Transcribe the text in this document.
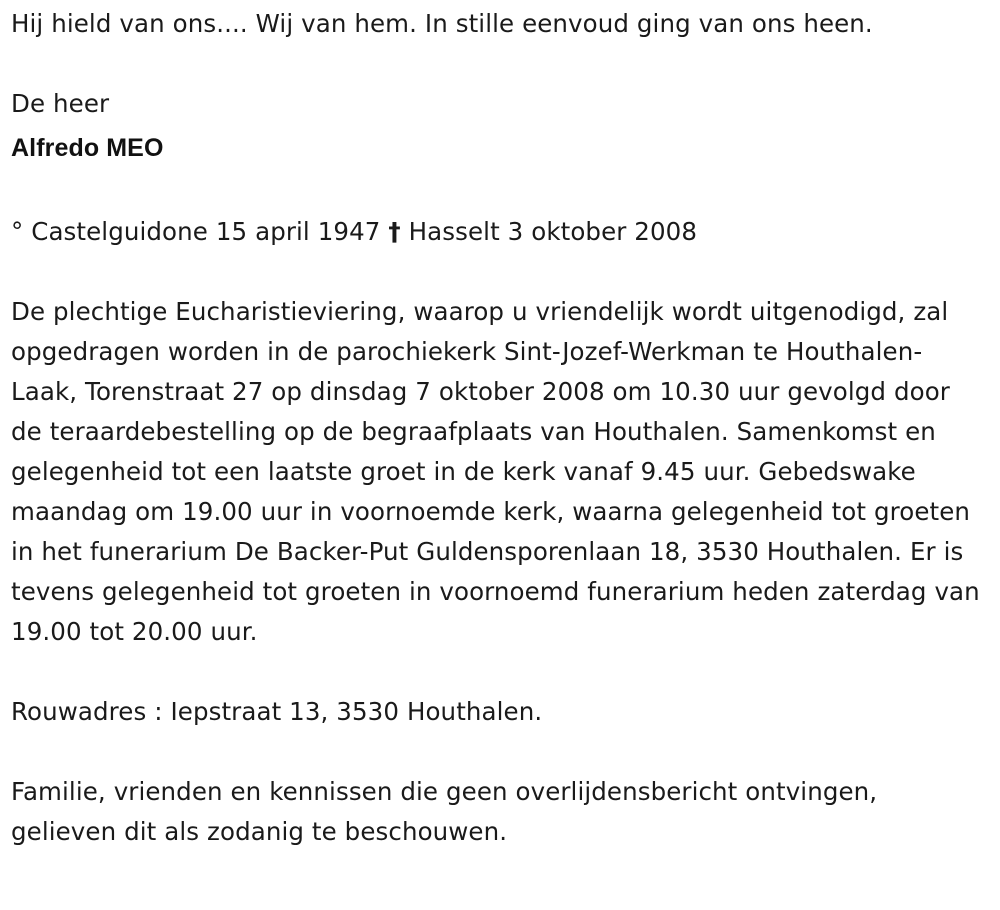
Hij hield van ons.... Wij van hem. In stille eenvoud ging van ons heen.

De heer

Alfredo MEO

° Castelguidone 15 april 1947 † Hasselt 3 oktober 2008

De plechtige Eucharistieviering, waarop u vriendelijk wordt uitgenodigd, zal opgedragen worden in de parochiekerk Sint-Jozef-Werkman te Houthalen-Laak, Torenstraat 27 op dinsdag 7 oktober 2008 om 10.30 uur gevolgd door de teraardebestelling op de begraafplaats van Houthalen. Samenkomst en gelegenheid tot een laatste groet in de kerk vanaf 9.45 uur. Gebedswake maandag om 19.00 uur in voornoemde kerk, waarna gelegenheid tot groeten in het funerarium De Backer-Put Guldensporenlaan 18, 3530 Houthalen. Er is tevens gelegenheid tot groeten in voornoemd funerarium heden zaterdag van 19.00 tot 20.00 uur.

Rouwadres : Iepstraat 13, 3530 Houthalen.

Familie, vrienden en kennissen die geen overlijdensbericht ontvingen, gelieven dit als zodanig te beschouwen.
